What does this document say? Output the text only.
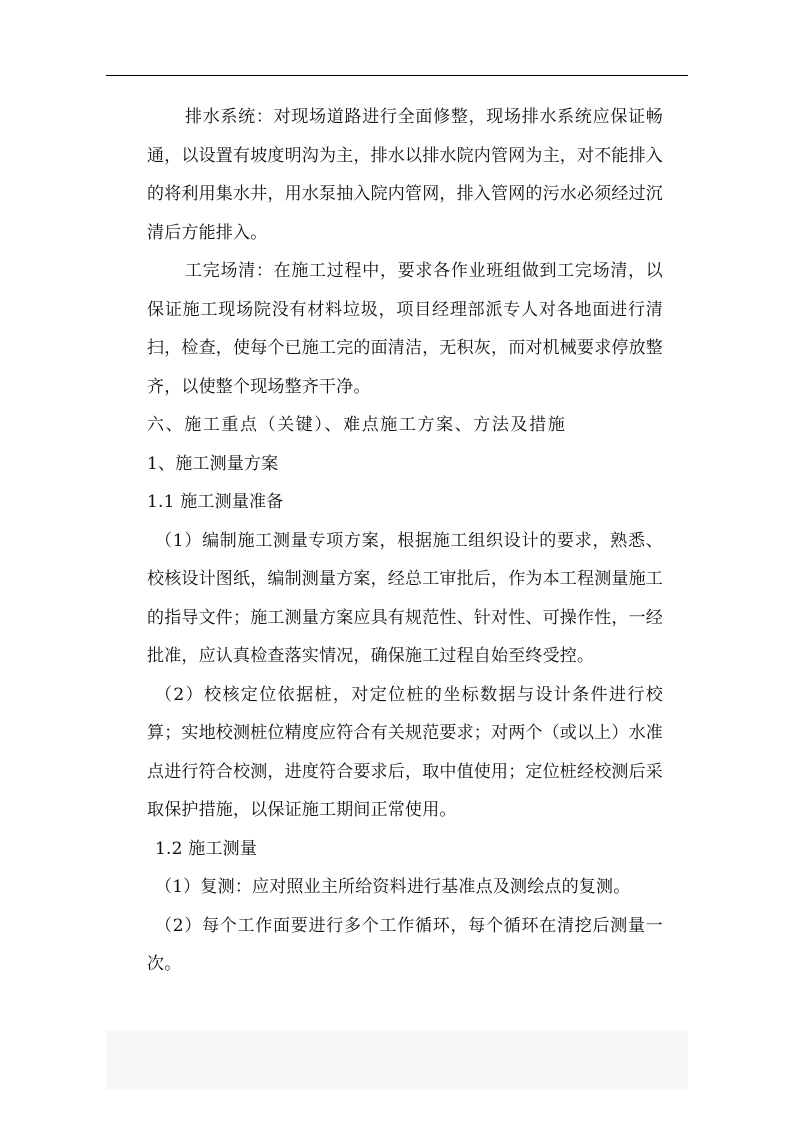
排水系统：对现场道路进行全面修整，现场排水系统应保证畅通，以设置有坡度明沟为主，排水以排水院内管网为主，对不能排入的将利用集水井，用水泵抽入院内管网，排入管网的污水必须经过沉清后方能排入。

工完场清：在施工过程中，要求各作业班组做到工完场清，以保证施工现场院没有材料垃圾，项目经理部派专人对各地面进行清扫，检查，使每个已施工完的面清洁，无积灰，而对机械要求停放整齐，以使整个现场整齐干净。

六、施工重点（关键）、难点施工方案、方法及措施

1、施工测量方案

1.1 施工测量准备

（1）编制施工测量专项方案，根据施工组织设计的要求，熟悉、校核设计图纸，编制测量方案，经总工审批后，作为本工程测量施工的指导文件；施工测量方案应具有规范性、针对性、可操作性，一经批准，应认真检查落实情况，确保施工过程自始至终受控。

（2）校核定位依据桩，对定位桩的坐标数据与设计条件进行校算；实地校测桩位精度应符合有关规范要求；对两个（或以上）水准点进行符合校测，进度符合要求后，取中值使用；定位桩经校测后采取保护措施，以保证施工期间正常使用。

1.2 施工测量

（1）复测：应对照业主所给资料进行基准点及测绘点的复测。

（2）每个工作面要进行多个工作循环，每个循环在清挖后测量一次。
